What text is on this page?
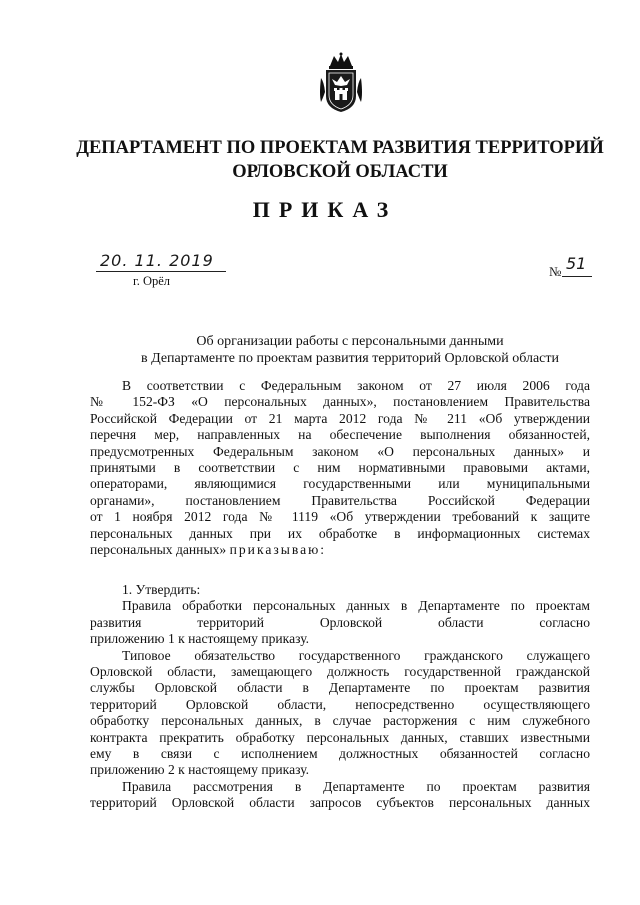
ДЕПАРТАМЕНТ ПО ПРОЕКТАМ РАЗВИТИЯ ТЕРРИТОРИЙ
ОРЛОВСКОЙ ОБЛАСТИ
ПРИКАЗ
20. 11. 2019
г. Орёл
№ 51
Об организации работы с персональными данными
в Департаменте по проектам развития территорий Орловской области
В соответствии с Федеральным законом от 27 июля 2006 года
№ 152-ФЗ «О персональных данных», постановлением Правительства
Российской Федерации от 21 марта 2012 года № 211 «Об утверждении
перечня мер, направленных на обеспечение выполнения обязанностей,
предусмотренных Федеральным законом «О персональных данных» и
принятыми в соответствии с ним нормативными правовыми актами,
операторами, являющимися государственными или муниципальными
органами», постановлением Правительства Российской Федерации
от 1 ноября 2012 года № 1119 «Об утверждении требований к защите
персональных данных при их обработке в информационных системах
персональных данных» приказываю:
1. Утвердить:
Правила обработки персональных данных в Департаменте по проектам
развития территорий Орловской области согласно
приложению 1 к настоящему приказу.
Типовое обязательство государственного гражданского служащего
Орловской области, замещающего должность государственной гражданской
службы Орловской области в Департаменте по проектам развития
территорий Орловской области, непосредственно осуществляющего
обработку персональных данных, в случае расторжения с ним служебного
контракта прекратить обработку персональных данных, ставших известными
ему в связи с исполнением должностных обязанностей согласно
приложению 2 к настоящему приказу.
Правила рассмотрения в Департаменте по проектам развития
территорий Орловской области запросов субъектов персональных данных
